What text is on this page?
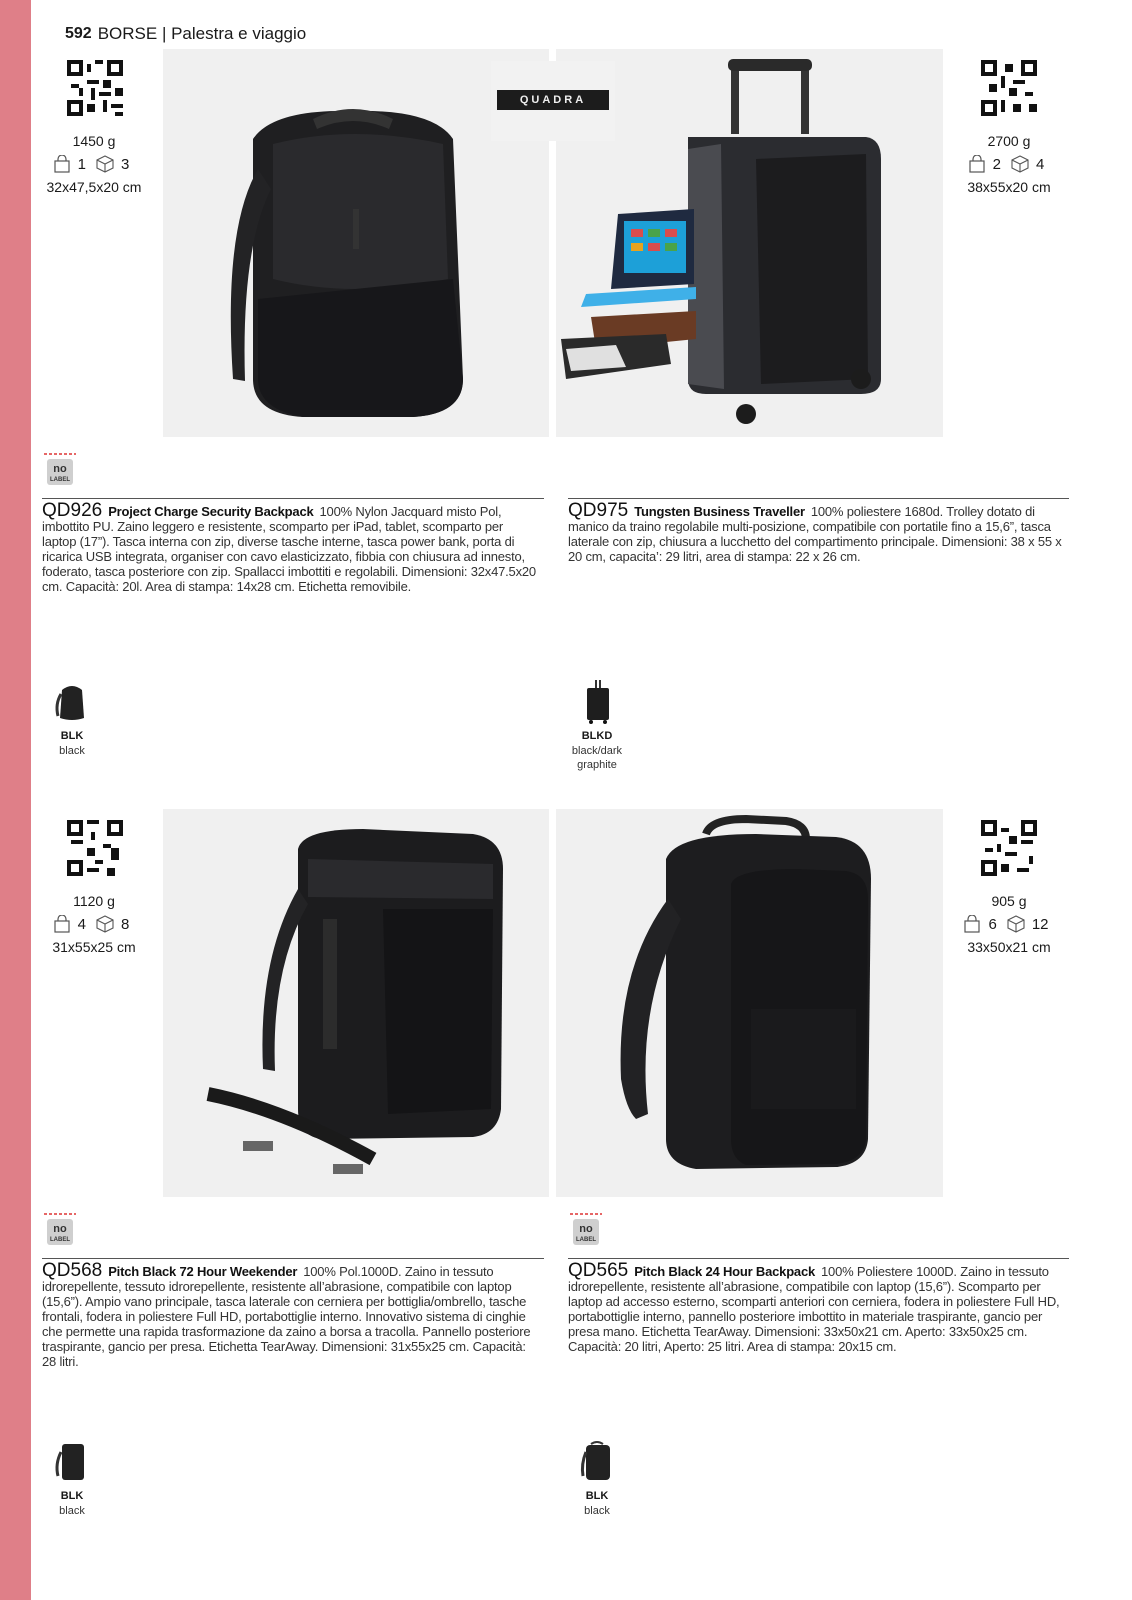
592 BORSE | Palestra e viaggio
1450 g
1 3
32x47,5x20 cm
no
LABEL
QD926 Project Charge Security Backpack 100% Nylon Jacquard misto Pol, imbottito PU. Zaino leggero e resistente, scomparto per iPad, tablet, scomparto per laptop (17”). Tasca interna con zip, diverse tasche interne, tasca power bank, porta di ricarica USB integrata, organiser con cavo elasticizzato, fibbia con chiusura ad innesto, foderato, tasca posteriore con zip. Spallacci imbottiti e regolabili. Dimensioni: 32x47.5x20 cm. Capacità: 20l. Area di stampa: 14x28 cm. Etichetta removibile.
BLK
black
QUADRA
2700 g
2 4
38x55x20 cm
QD975 Tungsten Business Traveller 100% poliestere 1680d. Trolley dotato di manico da traino regolabile multi-posizione, compatibile con portatile fino a 15,6”, tasca laterale con zip, chiusura a lucchetto del compartimento principale. Dimensioni: 38 x 55 x 20 cm, capacita’: 29 litri, area di stampa: 22 x 26 cm.
BLKD
black/dark graphite
1120 g
4 8
31x55x25 cm
no
LABEL
QD568 Pitch Black 72 Hour Weekender 100% Pol.1000D. Zaino in tessuto idrorepellente, tessuto idrorepellente, resistente all’abrasione, compatibile con laptop (15,6”). Ampio vano principale, tasca laterale con cerniera per bottiglia/ombrello, tasche frontali, fodera in poliestere Full HD, portabottiglie interno. Innovativo sistema di cinghie che permette una rapida trasformazione da zaino a borsa a tracolla. Pannello posteriore traspirante, gancio per presa. Etichetta TearAway. Dimensioni: 31x55x25 cm. Capacità: 28 litri.
BLK
black
905 g
6 12
33x50x21 cm
no
LABEL
QD565 Pitch Black 24 Hour Backpack 100% Poliestere 1000D. Zaino in tessuto idrorepellente, resistente all’abrasione, compatibile con laptop (15,6”). Scomparto per laptop ad accesso esterno, scomparti anteriori con cerniera, fodera in poliestere Full HD, portabottiglie interno, pannello posteriore imbottito in materiale traspirante, gancio per presa mano. Etichetta TearAway. Dimensioni: 33x50x21 cm. Aperto: 33x50x25 cm. Capacità: 20 litri, Aperto: 25 litri. Area di stampa: 20x15 cm.
BLK
black
